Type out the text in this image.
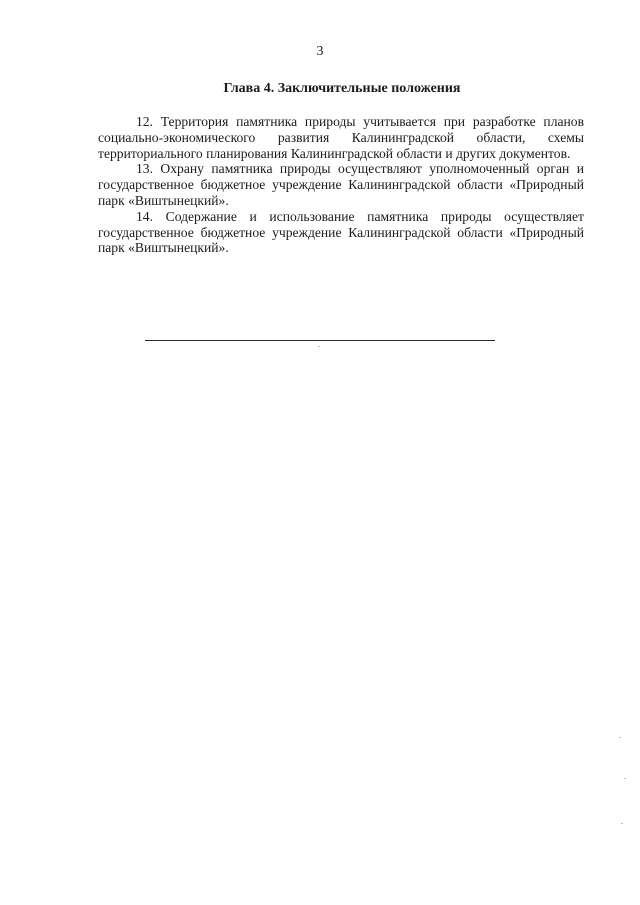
3
Глава 4. Заключительные положения

12. Территория памятника природы учитывается при разработке планов социально-экономического развития Калининградской области, схемы территориального планирования Калининградской области и других документов.

13. Охрану памятника природы осуществляют уполномоченный орган и государственное бюджетное учреждение Калининградской области «Природный парк «Виштынецкий».

14. Содержание и использование памятника природы осуществляет государственное бюджетное учреждение Калининградской области «Природный парк «Виштынецкий».
